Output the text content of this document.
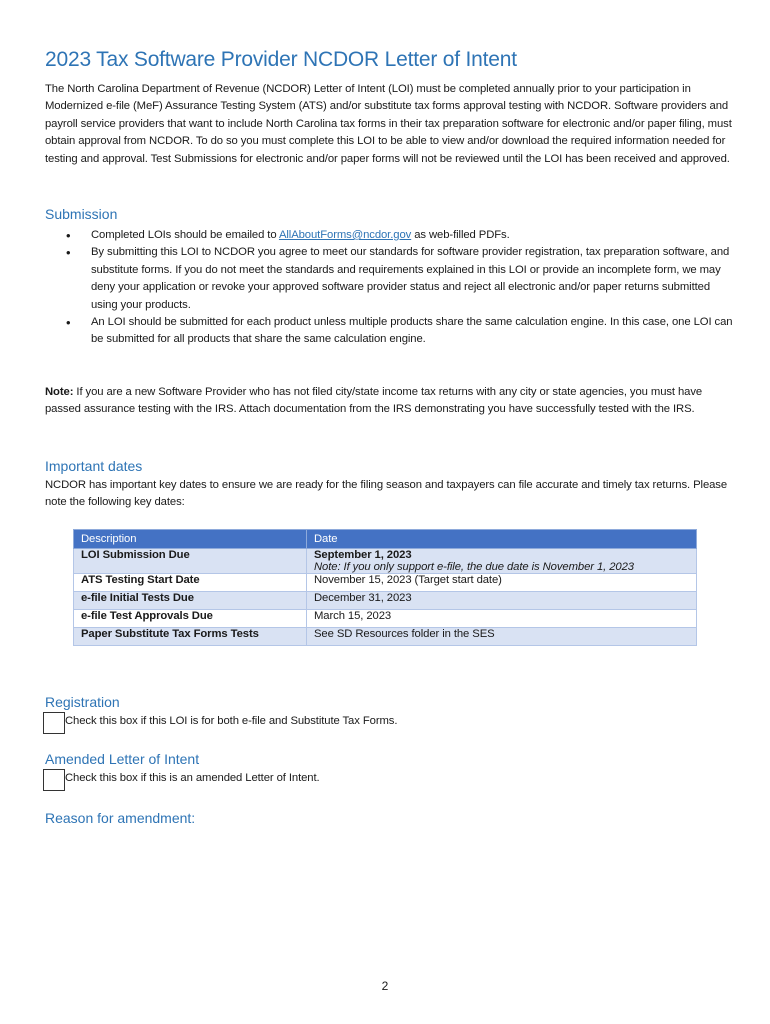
2023 Tax Software Provider NCDOR Letter of Intent
The North Carolina Department of Revenue (NCDOR) Letter of Intent (LOI) must be completed annually prior to your participation in Modernized e-file (MeF) Assurance Testing System (ATS) and/or substitute tax forms approval testing with NCDOR. Software providers and payroll service providers that want to include North Carolina tax forms in their tax preparation software for electronic and/or paper filing, must obtain approval from NCDOR. To do so you must complete this LOI to be able to view and/or download the required information needed for testing and approval. Test Submissions for electronic and/or paper forms will not be reviewed until the LOI has been received and approved.
Submission
• Completed LOIs should be emailed to AllAboutForms@ncdor.gov as web-filled PDFs.
• By submitting this LOI to NCDOR you agree to meet our standards for software provider registration, tax preparation software, and substitute forms. If you do not meet the standards and requirements explained in this LOI or provide an incomplete form, we may deny your application or revoke your approved software provider status and reject all electronic and/or paper returns submitted using your products.
• An LOI should be submitted for each product unless multiple products share the same calculation engine. In this case, one LOI can be submitted for all products that share the same calculation engine.
Note: If you are a new Software Provider who has not filed city/state income tax returns with any city or state agencies, you must have passed assurance testing with the IRS. Attach documentation from the IRS demonstrating you have successfully tested with the IRS.
Important dates
NCDOR has important key dates to ensure we are ready for the filing season and taxpayers can file accurate and timely tax returns. Please note the following key dates:
Description	Date
LOI Submission Due	September 1, 2023
Note: If you only support e-file, the due date is November 1, 2023
ATS Testing Start Date	November 15, 2023 (Target start date)
e-file Initial Tests Due	December 31, 2023
e-file Test Approvals Due	March 15, 2023
Paper Substitute Tax Forms Tests	See SD Resources folder in the SES
Registration
Check this box if this LOI is for both e-file and Substitute Tax Forms.
Amended Letter of Intent
Check this box if this is an amended Letter of Intent.
Reason for amendment:
2
